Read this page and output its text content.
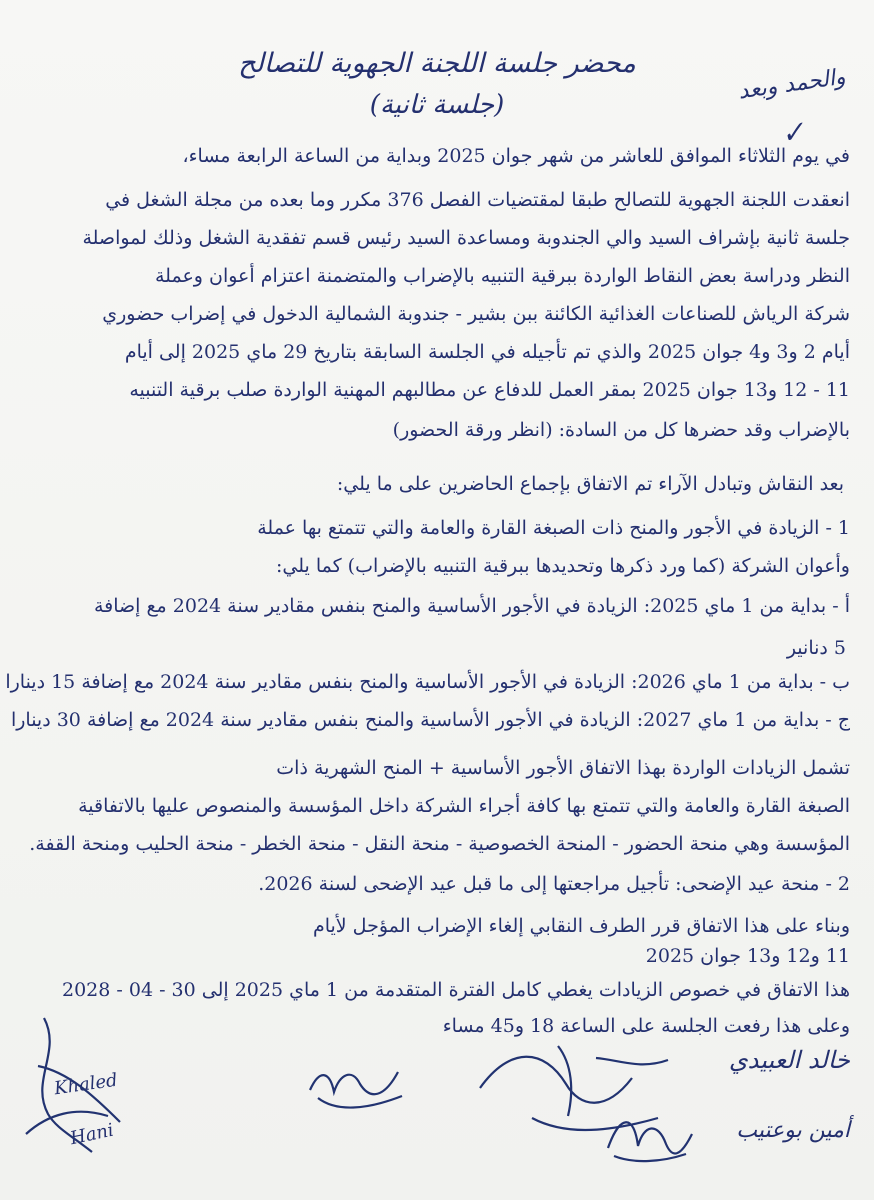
محضر جلسة اللجنة الجهوية للتصالح
(جلسة ثانية)
والحمد وبعد
✓
في يوم الثلاثاء الموافق للعاشر من شهر جوان 2025 وبداية من الساعة الرابعة مساء،
انعقدت اللجنة الجهوية للتصالح طبقا لمقتضيات الفصل 376 مكرر وما بعده من مجلة الشغل في
جلسة ثانية بإشراف السيد والي الجندوبة ومساعدة السيد رئيس قسم تفقدية الشغل وذلك لمواصلة
النظر ودراسة بعض النقاط الواردة ببرقية التنبيه بالإضراب والمتضمنة اعتزام أعوان وعملة
شركة الرياش للصناعات الغذائية الكائنة ببن بشير - جندوبة الشمالية الدخول في إضراب حضوري
أيام 2 و3 و4 جوان 2025 والذي تم تأجيله في الجلسة السابقة بتاريخ 29 ماي 2025 إلى أيام
11 - 12 و13 جوان 2025 بمقر العمل للدفاع عن مطالبهم المهنية الواردة صلب برقية التنبيه
بالإضراب وقد حضرها كل من السادة: (انظر ورقة الحضور)
بعد النقاش وتبادل الآراء تم الاتفاق بإجماع الحاضرين على ما يلي:
1 - الزيادة في الأجور والمنح ذات الصبغة القارة والعامة والتي تتمتع بها عملة
وأعوان الشركة (كما ورد ذكرها وتحديدها ببرقية التنبيه بالإضراب) كما يلي:
أ - بداية من 1 ماي 2025: الزيادة في الأجور الأساسية والمنح بنفس مقادير سنة 2024 مع إضافة
5 دنانير
ب - بداية من 1 ماي 2026: الزيادة في الأجور الأساسية والمنح بنفس مقادير سنة 2024 مع إضافة 15 دينارا
ج - بداية من 1 ماي 2027: الزيادة في الأجور الأساسية والمنح بنفس مقادير سنة 2024 مع إضافة 30 دينارا
تشمل الزيادات الواردة بهذا الاتفاق الأجور الأساسية + المنح الشهرية ذات
الصبغة القارة والعامة والتي تتمتع بها كافة أجراء الشركة داخل المؤسسة والمنصوص عليها بالاتفاقية
المؤسسة وهي منحة الحضور - المنحة الخصوصية - منحة النقل - منحة الخطر - منحة الحليب ومنحة القفة.
2 - منحة عيد الإضحى: تأجيل مراجعتها إلى ما قبل عيد الإضحى لسنة 2026.
وبناء على هذا الاتفاق قرر الطرف النقابي إلغاء الإضراب المؤجل لأيام
11 و12 و13 جوان 2025
هذا الاتفاق في خصوص الزيادات يغطي كامل الفترة المتقدمة من 1 ماي 2025 إلى 30 - 04 - 2028
وعلى هذا رفعت الجلسة على الساعة 18 و45 مساء
خالد العبيدي
أمين بوعتيب
Khaled
Hani
